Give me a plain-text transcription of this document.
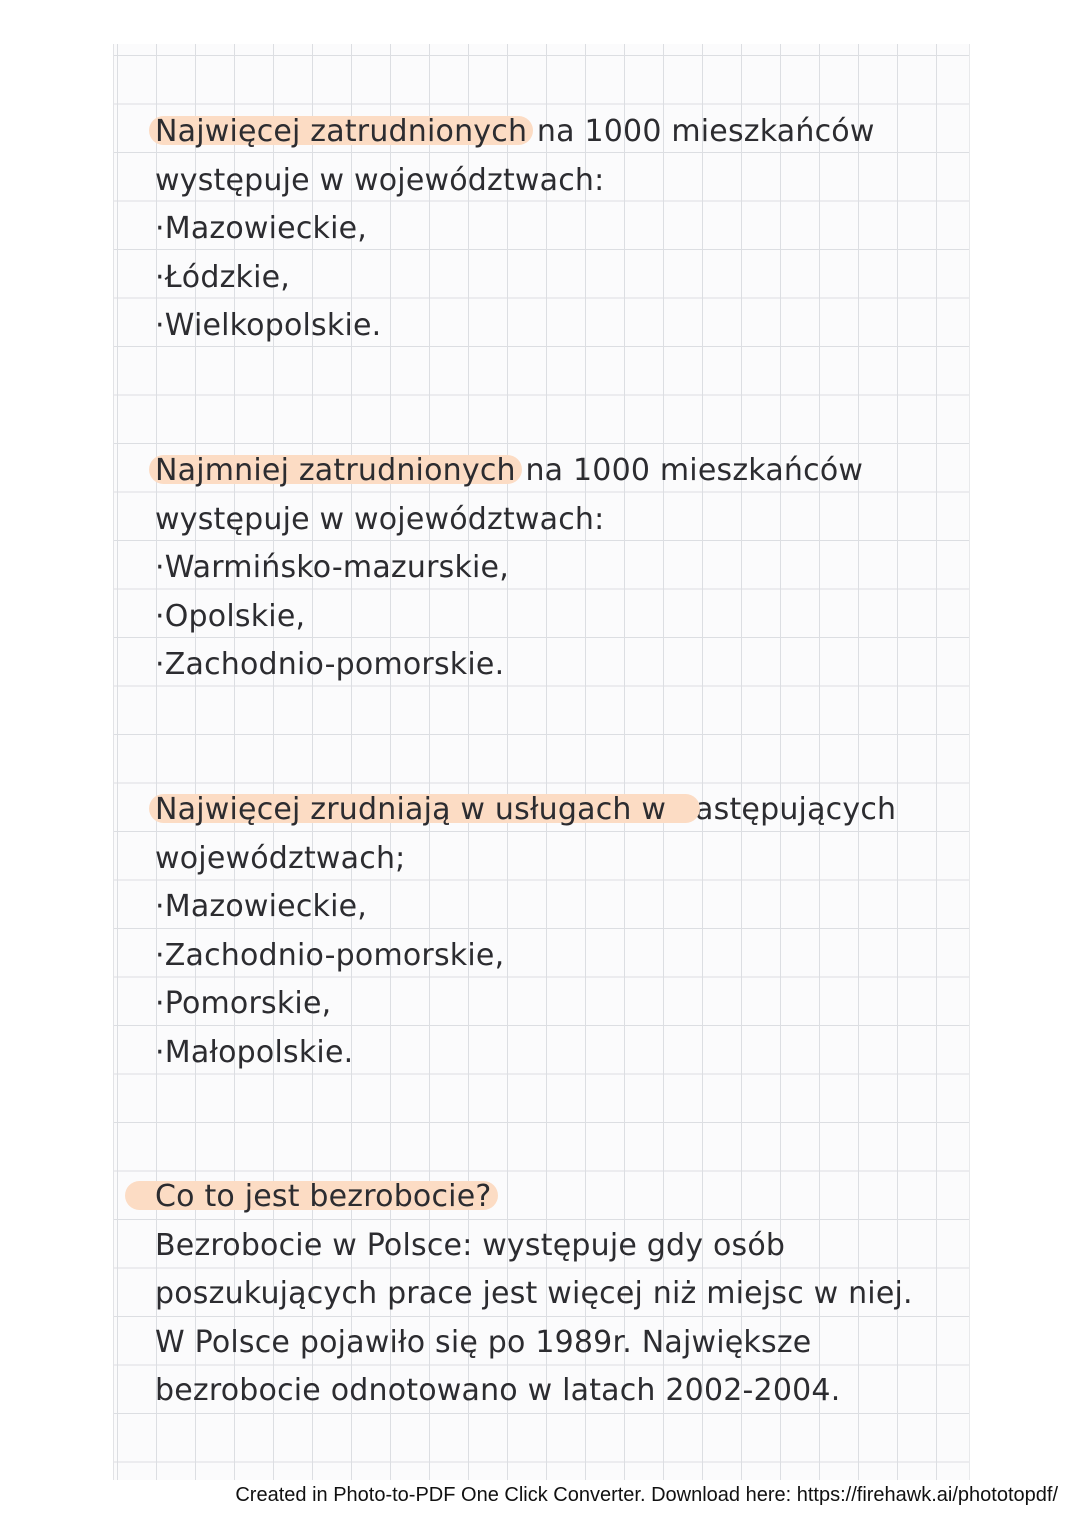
Najwięcej zatrudnionych na 1000 mieszkańców
występuje w województwach:
·Mazowieckie,
·Łódzkie,
·Wielkopolskie.
Najmniej zatrudnionych na 1000 mieszkańców
występuje w województwach:
·Warmińsko-mazurskie,
·Opolskie,
·Zachodnio-pomorskie.
Najwięcej zrudniają w usługach w następujących
województwach;
·Mazowieckie,
·Zachodnio-pomorskie,
·Pomorskie,
·Małopolskie.
Co to jest bezrobocie?
Bezrobocie w Polsce: występuje gdy osób
poszukujących prace jest więcej niż miejsc w niej.
W Polsce pojawiło się po 1989r. Największe
bezrobocie odnotowano w latach 2002-2004.
Created in Photo-to-PDF One Click Converter. Download here: https://firehawk.ai/phototopdf/
